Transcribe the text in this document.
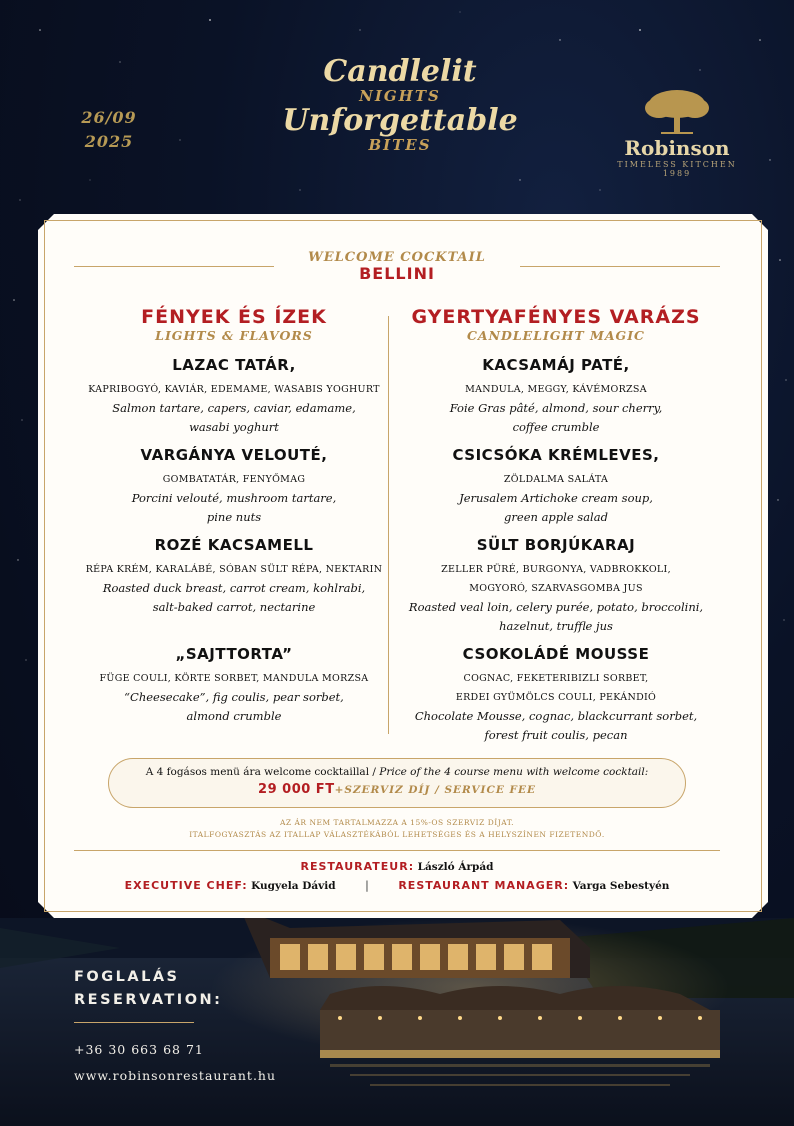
26/09
2025
Candlelit
NIGHTS
Unforgettable
BITES	Robinson
TIMELESS KITCHEN
1989
WELCOME COCKTAIL
BELLINI
FÉNYEK ÉS ÍZEK
LIGHTS & FLAVORS
GYERTYAFÉNYES VARÁZS
CANDLELIGHT MAGIC
LAZAC TATÁR,
KAPRIBOGYÓ, KAVIÁR, EDEMAME, WASABIS YOGHURT
Salmon tartare, capers, caviar, edamame,
wasabi yoghurt
VARGÁNYA VELOUTÉ,
GOMBATATÁR, FENYŐMAG
Porcini velouté, mushroom tartare,
pine nuts
ROZÉ KACSAMELL
RÉPA KRÉM, KARALÁBÉ, SÓBAN SÜLT RÉPA, NEKTARIN
Roasted duck breast, carrot cream, kohlrabi,
salt-baked carrot, nectarine
„SAJTTORTA”
FÜGE COULI, KÖRTE SORBET, MANDULA MORZSA
“Cheesecake”, fig coulis, pear sorbet,
almond crumble
KACSAMÁJ PATÉ,
MANDULA, MEGGY, KÁVÉMORZSA
Foie Gras pâté, almond, sour cherry,
coffee crumble
CSICSÓKA KRÉMLEVES,
ZÖLDALMA SALÁTA
Jerusalem Artichoke cream soup,
green apple salad
SÜLT BORJÚKARAJ
ZELLER PÜRÉ, BURGONYA, VADBROKKOLI,
MOGYORÓ, SZARVASGOMBA JUS
Roasted veal loin, celery purée, potato, broccolini,
hazelnut, truffle jus
CSOKOLÁDÉ MOUSSE
COGNAC, FEKETERIBIZLI SORBET,
ERDEI GYÜMÖLCS COULI, PEKÁNDIÓ
Chocolate Mousse, cognac, blackcurrant sorbet,
forest fruit coulis, pecan
A 4 fogásos menü ára welcome cocktaillal / Price of the 4 course menu with welcome cocktail:
29 000 FT+SZERVIZ DÍJ / SERVICE FEE
AZ ÁR NEM TARTALMAZZA A 15%-OS SZERVIZ DÍJAT.
ITALFOGYASZTÁS AZ ITALLAP VÁLASZTÉKÁBÓL LEHETSÉGES ÉS A HELYSZÍNEN FIZETENDŐ.
RESTAURATEUR: László Árpád
EXECUTIVE CHEF: Kugyela Dávid	|	RESTAURANT MANAGER: Varga Sebestyén
FOGLALÁS
RESERVATION:
+36 30 663 68 71
www.robinsonrestaurant.hu
